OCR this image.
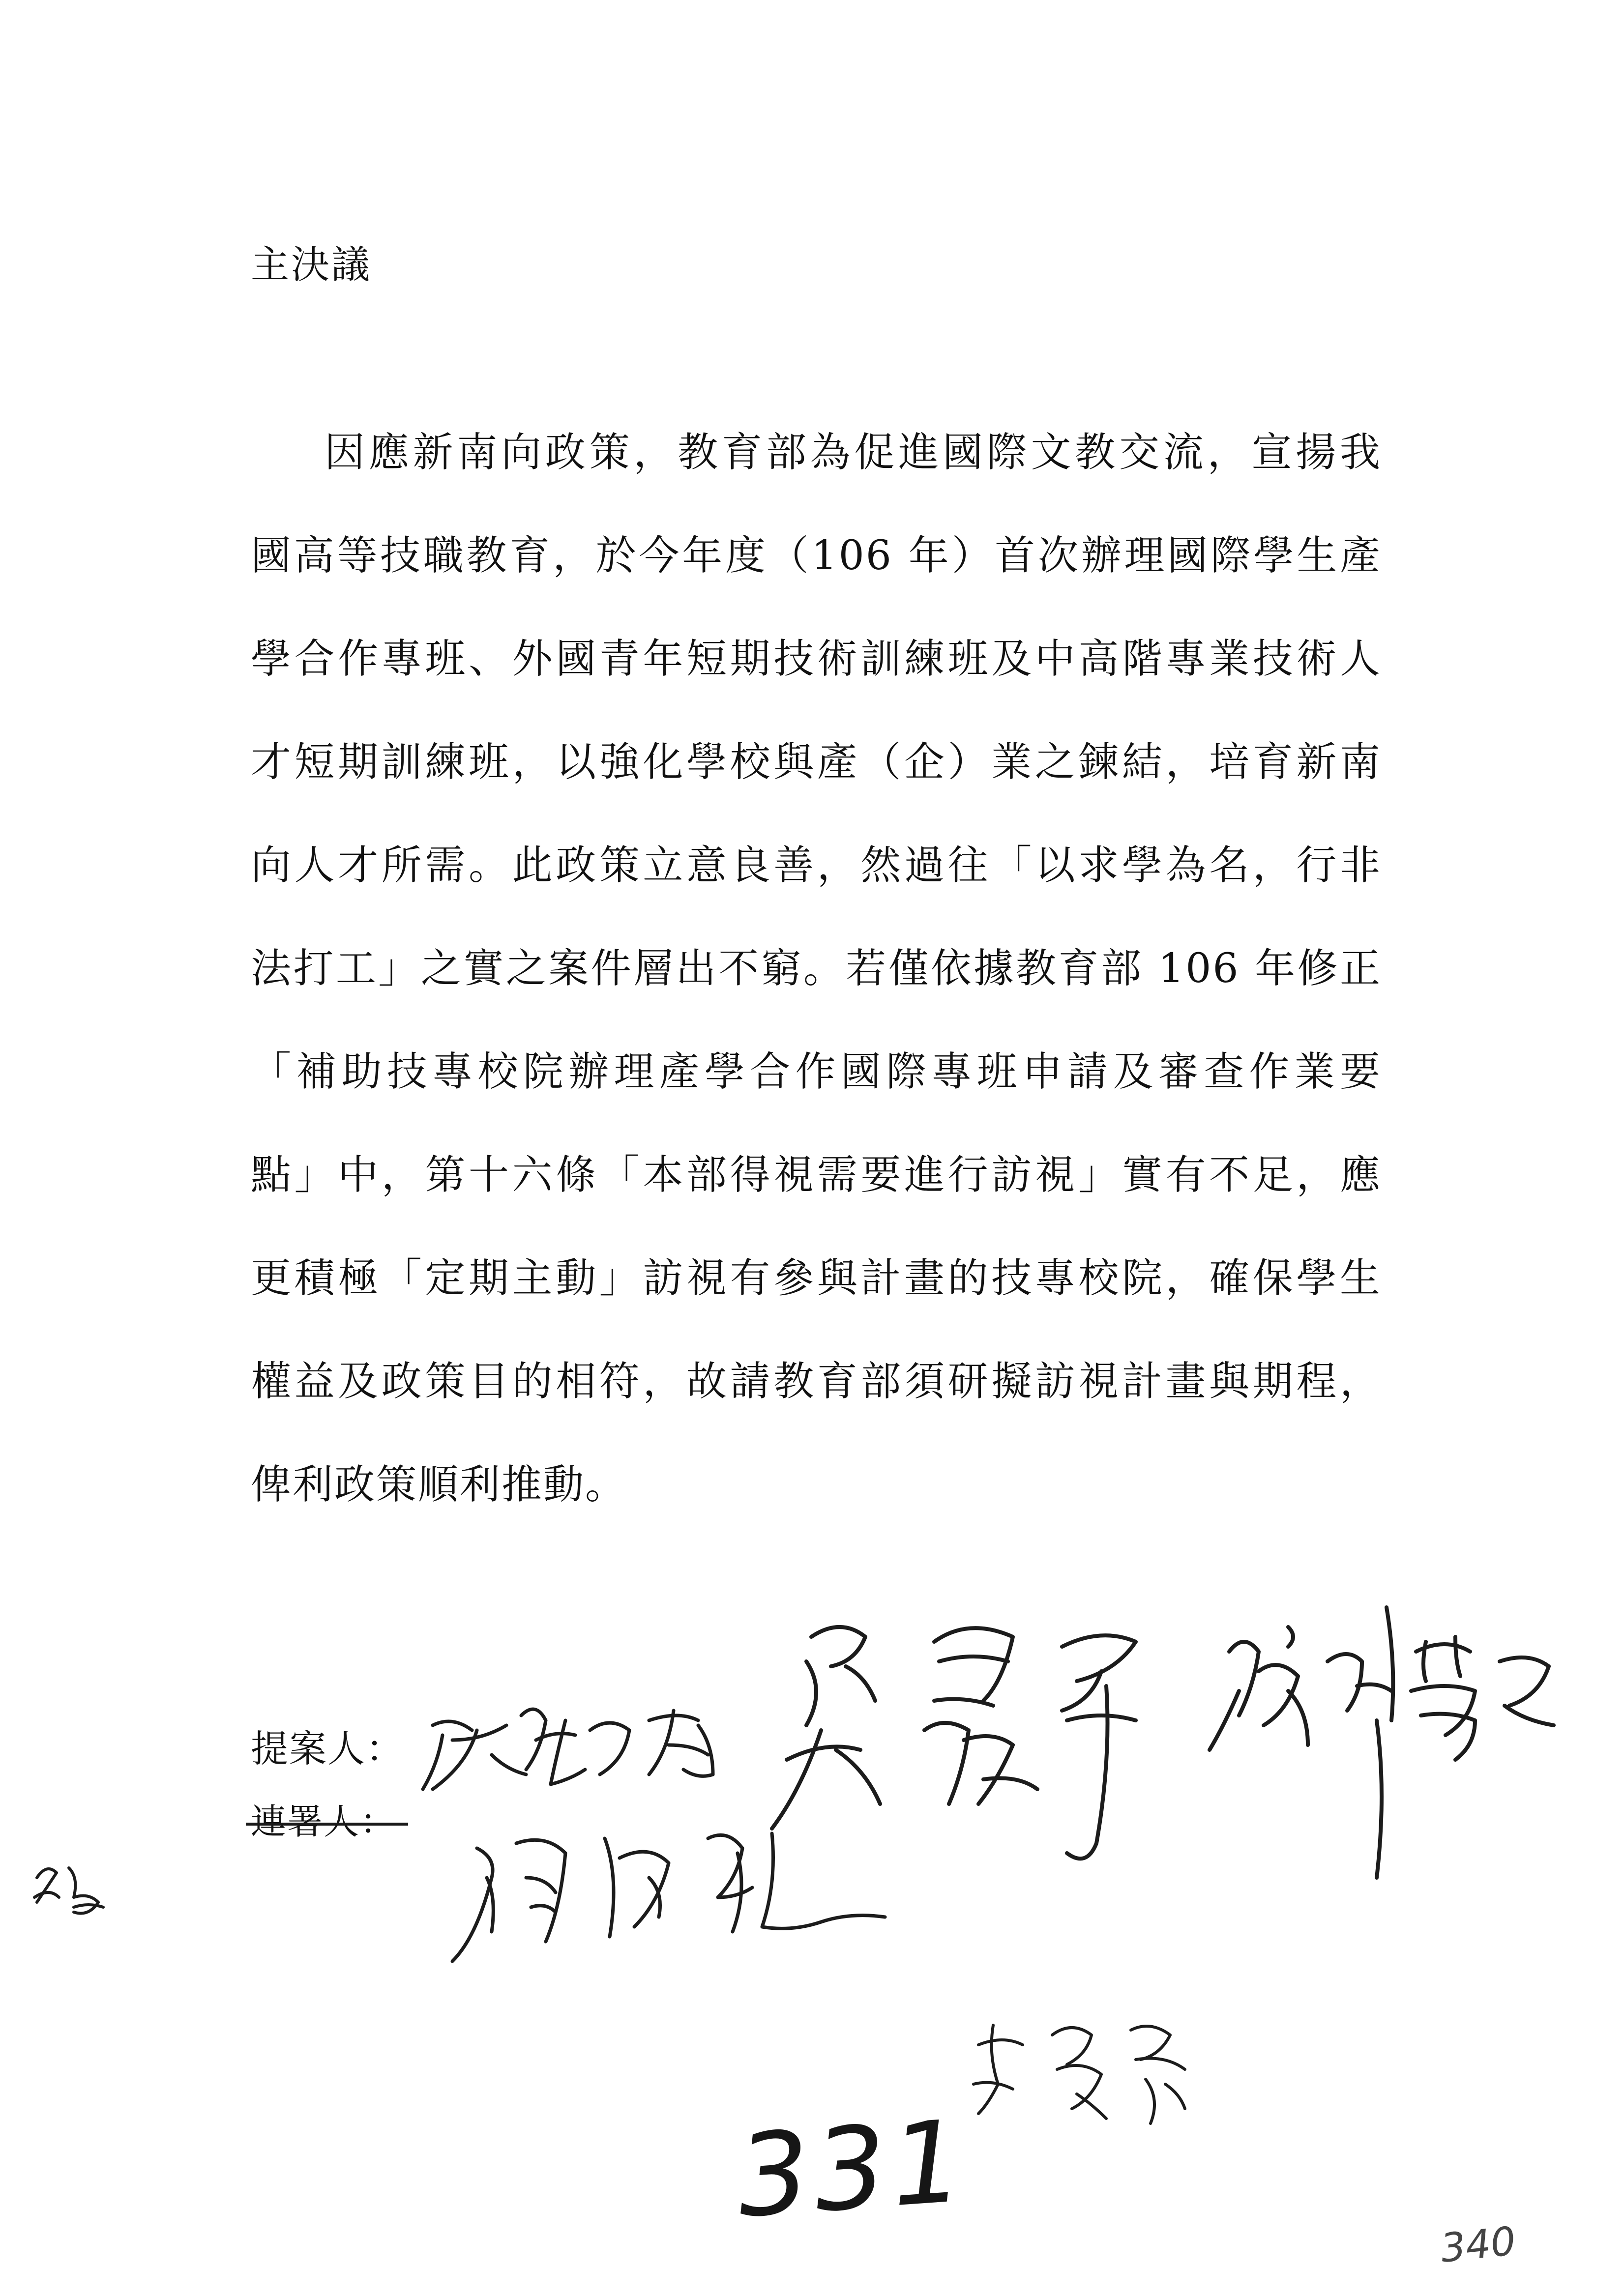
主決議
因應新南向政策，教育部為促進國際文教交流，宣揚我
國高等技職教育，於今年度（106 年）首次辦理國際學生產
學合作專班、外國青年短期技術訓練班及中高階專業技術人
才短期訓練班，以強化學校與產（企）業之鍊結，培育新南
向人才所需。此政策立意良善，然過往「以求學為名，行非
法打工」之實之案件層出不窮。若僅依據教育部 106 年修正
「補助技專校院辦理產學合作國際專班申請及審查作業要
點」中，第十六條「本部得視需要進行訪視」實有不足，應
更積極「定期主動」訪視有參與計畫的技專校院，確保學生
權益及政策目的相符，故請教育部須研擬訪視計畫與期程，
俾利政策順利推動。
提案人：
連署人：
331
340
